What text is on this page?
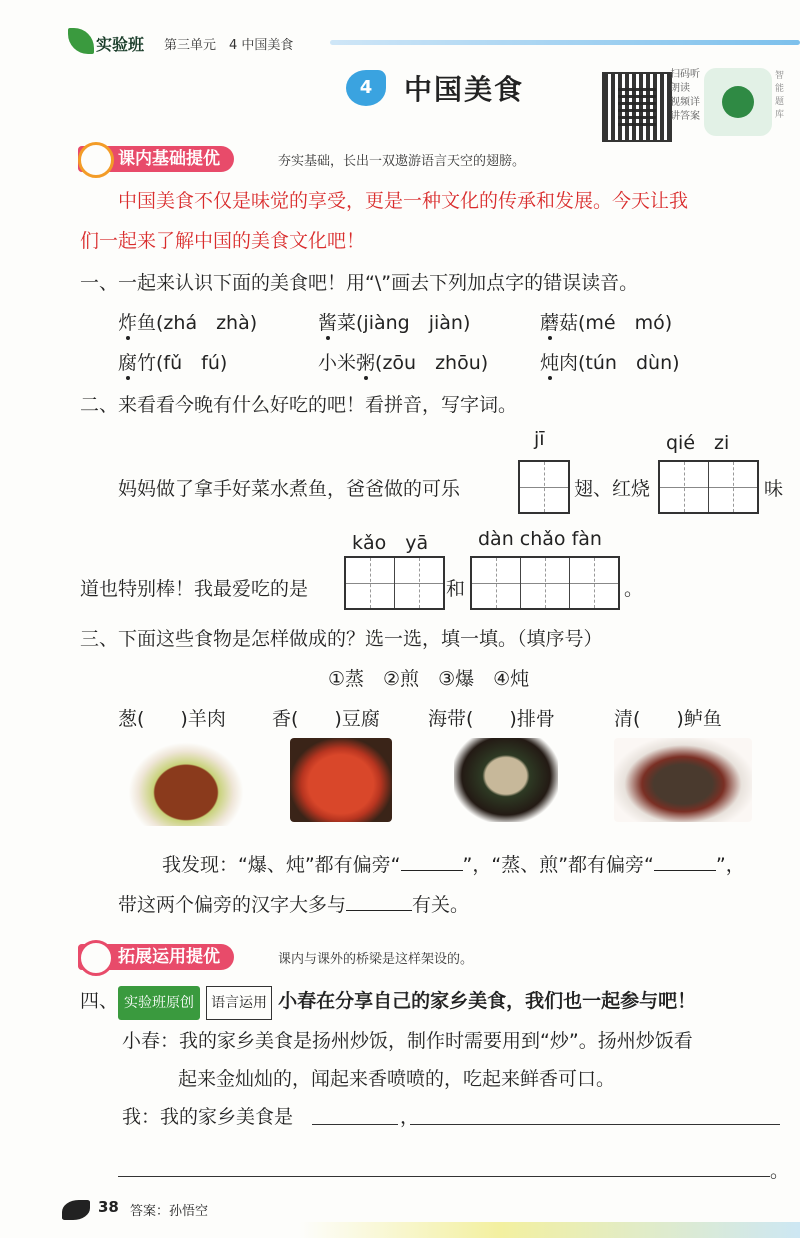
实验班 第三单元　4 中国美食
4	中国美食	扫码听朗读 视频详讲答案
智能题库
课内基础提优	夯实基础，长出一双遨游语言天空的翅膀。
中国美食不仅是味觉的享受，更是一种文化的传承和发展。今天让我
们一起来了解中国的美食文化吧！
一、一起来认识下面的美食吧！用“\”画去下列加点字的错误读音。
炸鱼(zhá　zhà)	酱菜(jiàng　jiàn)	蘑菇(mé　mó)
腐竹(fǔ　fú)	小米粥(zōu　zhōu)	炖肉(tún　dùn)
二、来看看今晚有什么好吃的吧！看拼音，写字词。
jī	qié　zi
妈妈做了拿手好菜水煮鱼，爸爸做的可乐	翅、红烧	味
kǎo　yā	dàn chǎo fàn
道也特别棒！我最爱吃的是	和	。
三、下面这些食物是怎样做成的？选一选，填一填。（填序号）
①蒸　②煎　③爆　④炖
葱( )羊肉 香( )豆腐	海带( )排骨	清( )鲈鱼
我发现：“爆、炖”都有偏旁“	”，“蒸、煎”都有偏旁“	”，
带这两个偏旁的汉字大多与	有关。
拓展运用提优	课内与课外的桥梁是这样架设的。
四、 实验班原创 语言运用 小春在分享自己的家乡美食，我们也一起参与吧！
小春：我的家乡美食是扬州炒饭，制作时需要用到“炒”。扬州炒饭看
起来金灿灿的，闻起来香喷喷的，吃起来鲜香可口。
我：我的家乡美食是	，
。
38 答案：孙悟空
